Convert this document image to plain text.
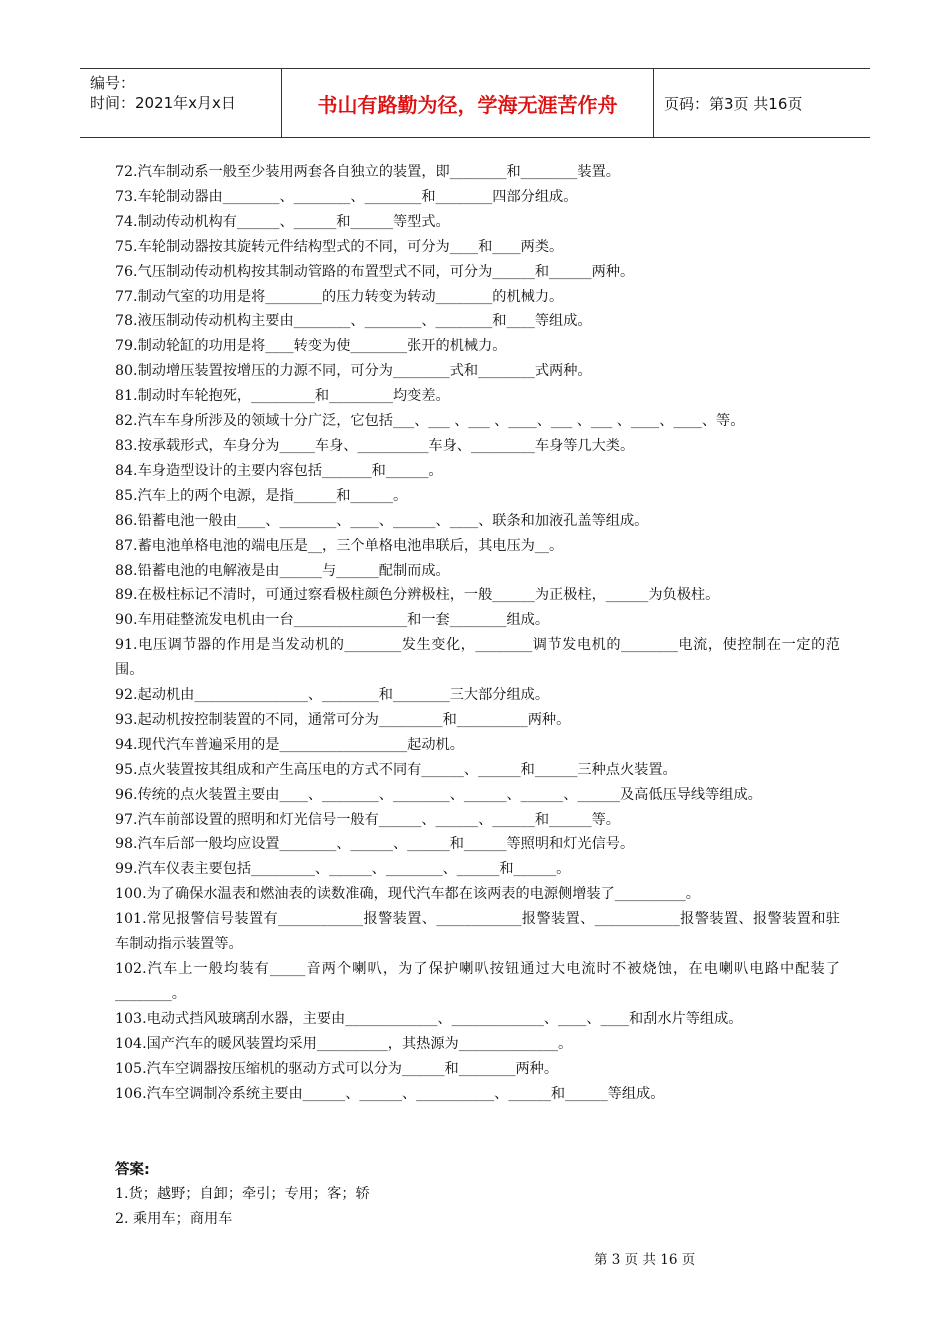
编号：
时间：2021年x月x日	书山有路勤为径，学海无涯苦作舟	页码：第3页 共16页
72.汽车制动系一般至少装用两套各自独立的装置，即________和________装置。
73.车轮制动器由________、________、________和________四部分组成。
74.制动传动机构有______、______和______等型式。
75.车轮制动器按其旋转元件结构型式的不同，可分为____和____两类。
76.气压制动传动机构按其制动管路的布置型式不同，可分为______和______两种。
77.制动气室的功用是将________的压力转变为转动________的机械力。
78.液压制动传动机构主要由________、________、________和____等组成。
79.制动轮缸的功用是将____转变为使________张开的机械力。
80.制动增压装置按增压的力源不同，可分为________式和________式两种。
81.制动时车轮抱死，_________和_________均变差。
82.汽车车身所涉及的领域十分广泛，它包括___、___ 、___ 、____、___ 、___ 、____、____、等。
83.按承载形式，车身分为_____车身、__________车身、_________车身等几大类。
84.车身造型设计的主要内容包括_______和______。
85.汽车上的两个电源，是指______和______。
86.铅蓄电池一般由____、________、____、______、____、联条和加液孔盖等组成。
87.蓄电池单格电池的端电压是__，三个单格电池串联后，其电压为__。
88.铅蓄电池的电解液是由______与______配制而成。
89.在极柱标记不清时，可通过察看极柱颜色分辨极柱，一般______为正极柱，______为负极柱。
90.车用硅整流发电机由一台________________和一套________组成。
91.电压调节器的作用是当发动机的________发生变化，________调节发电机的________电流，使控制在一定的范围。
92.起动机由________________、________和________三大部分组成。
93.起动机按控制装置的不同，通常可分为_________和__________两种。
94.现代汽车普遍采用的是__________________起动机。
95.点火装置按其组成和产生高压电的方式不同有______、______和______三种点火装置。
96.传统的点火装置主要由____、________、________、______、______、______及高低压导线等组成。
97.汽车前部设置的照明和灯光信号一般有______、______、______和______等。
98.汽车后部一般均应设置________、______、______和______等照明和灯光信号。
99.汽车仪表主要包括_________、______、________、______和______。
100.为了确保水温表和燃油表的读数准确，现代汽车都在该两表的电源侧增装了__________。
101.常见报警信号装置有____________报警装置、____________报警装置、____________报警装置、报警装置和驻车制动指示装置等。
102.汽车上一般均装有_____音两个喇叭，为了保护喇叭按钮通过大电流时不被烧蚀，在电喇叭电路中配装了________。
103.电动式挡风玻璃刮水器，主要由_____________、_____________、____、____和刮水片等组成。
104.国产汽车的暖风装置均采用__________，其热源为______________。
105.汽车空调器按压缩机的驱动方式可以分为______和________两种。
106.汽车空调制冷系统主要由______、______、___________、______和______等组成。
答案:
1.货；越野；自卸；牵引；专用；客；轿
2. 乘用车；商用车
第 3 页 共 16 页
